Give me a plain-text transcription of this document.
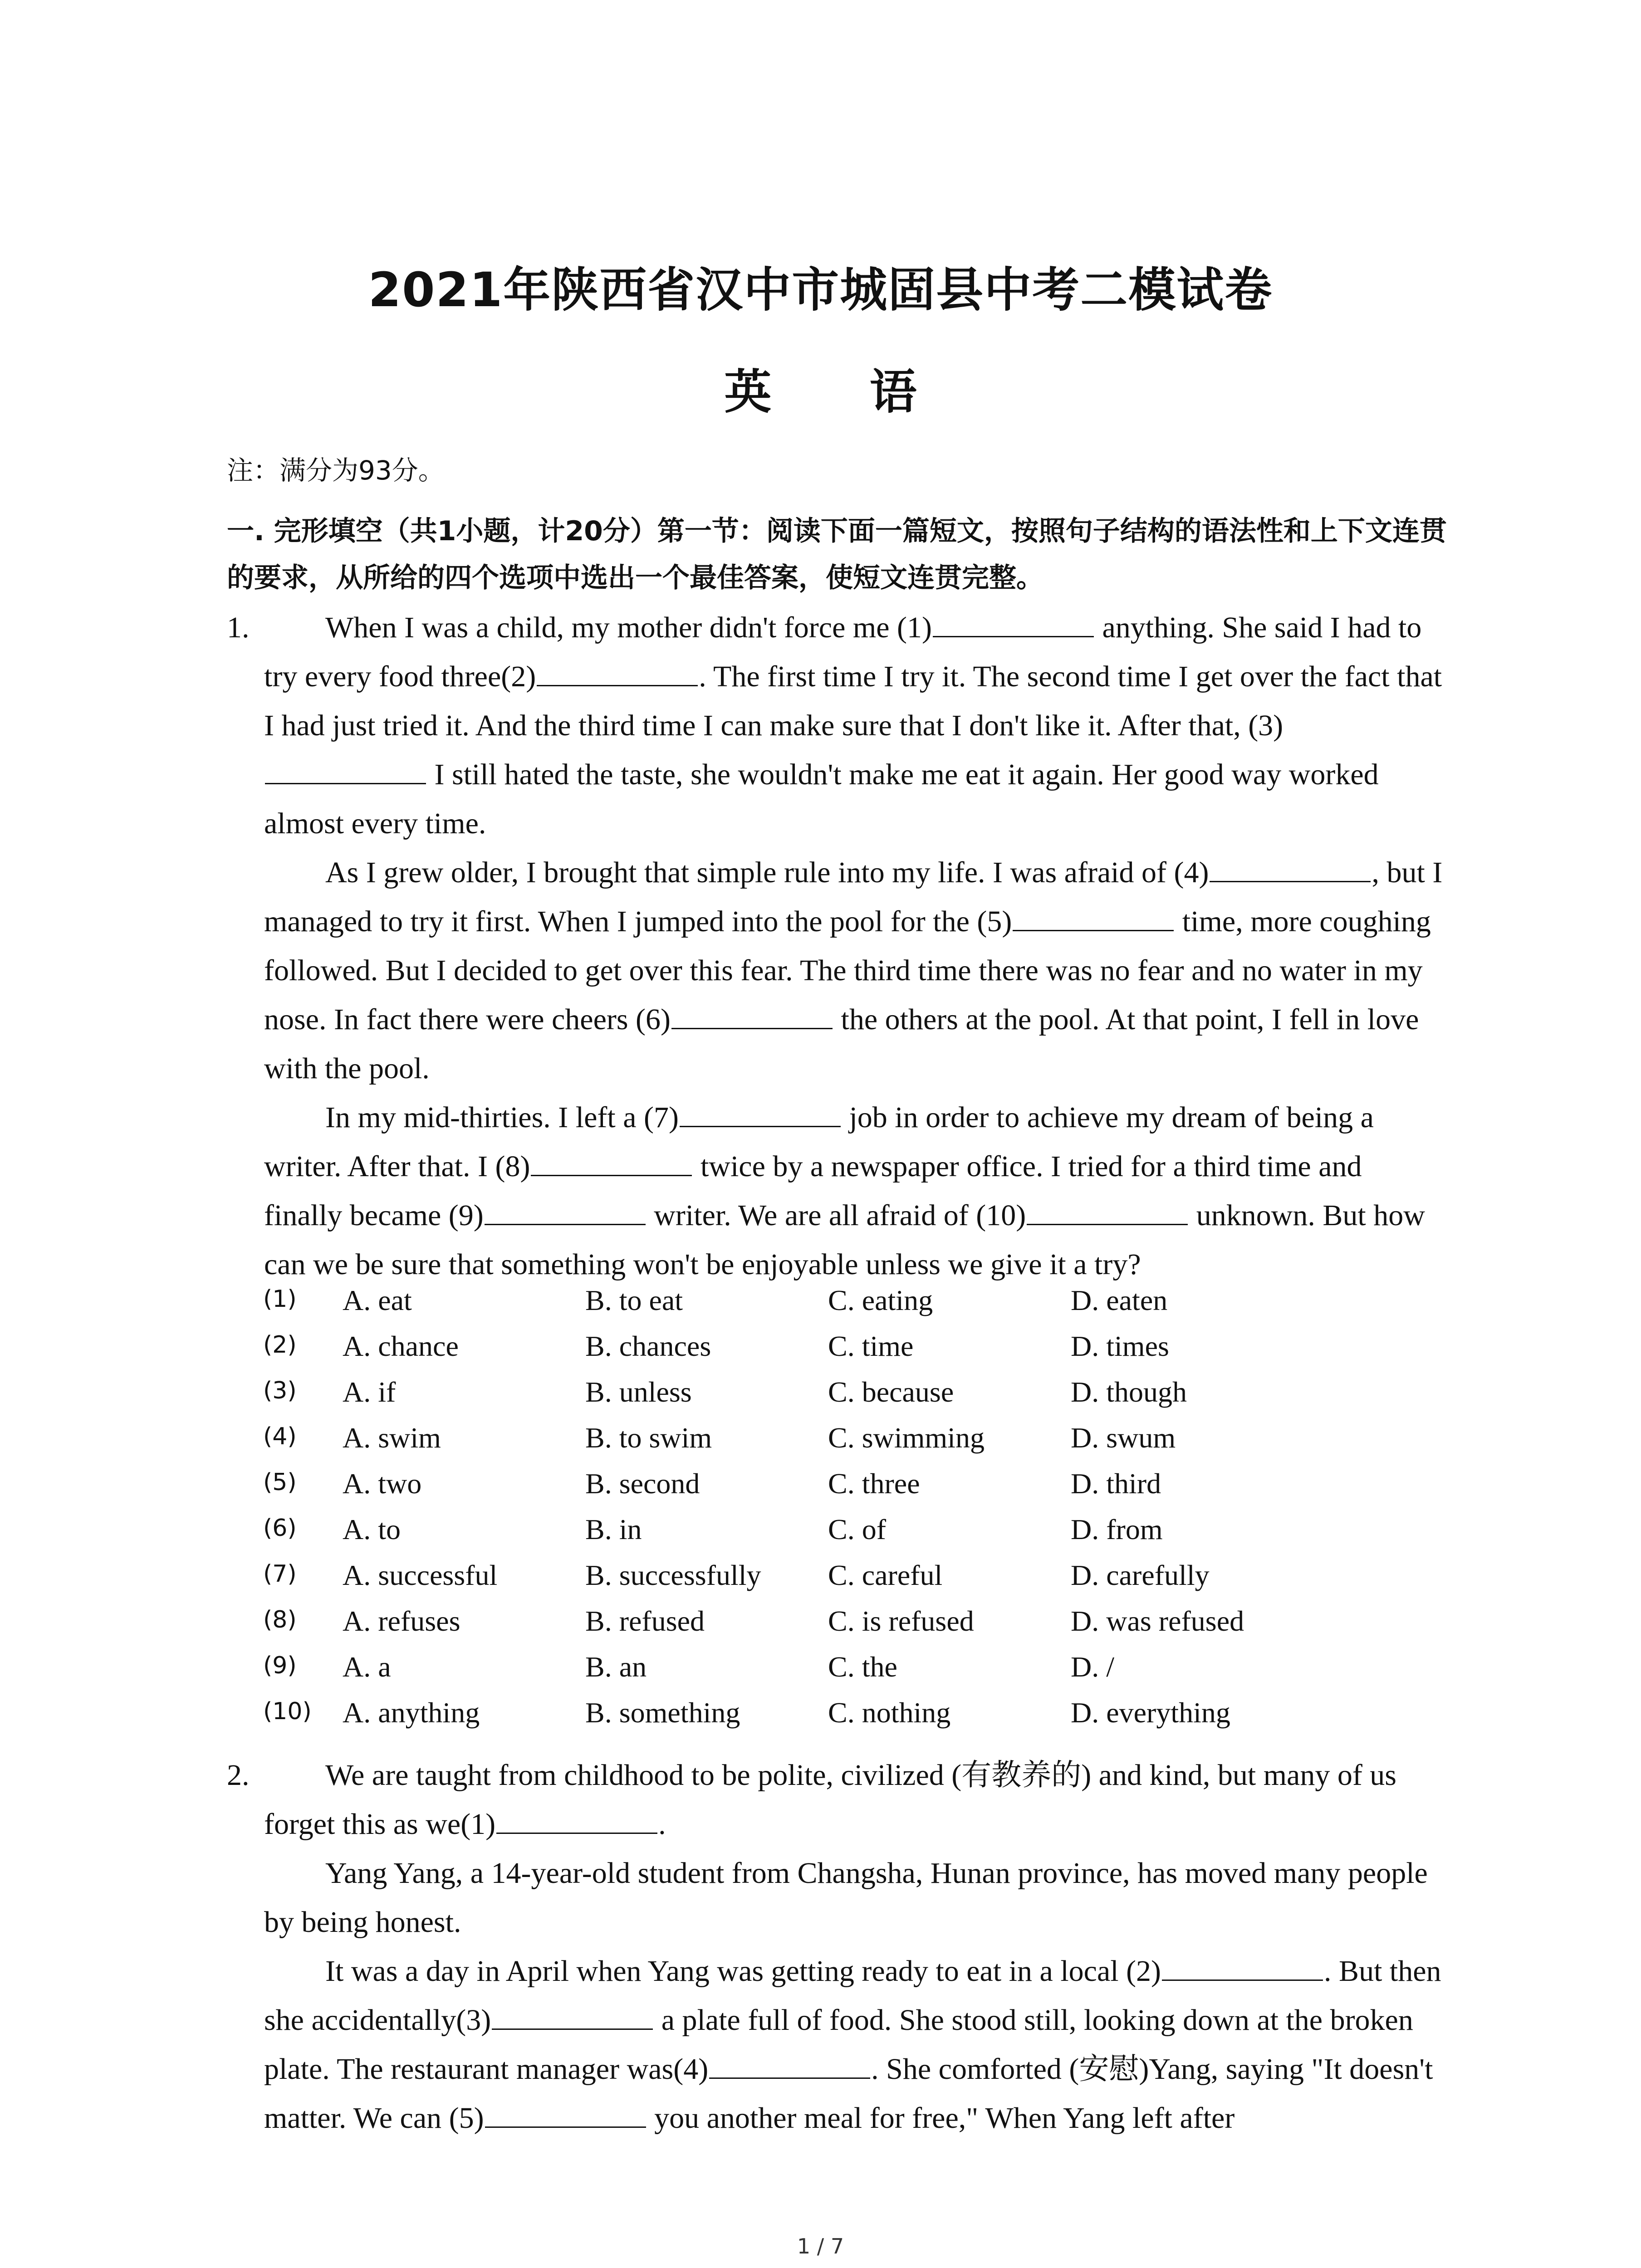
2021年陕西省汉中市城固县中考二模试卷
英 语
注：满分为93分。
一. 完形填空（共1小题，计20分）第一节：阅读下面一篇短文，按照句子结构的语法性和上下文连贯的要求，从所给的四个选项中选出一个最佳答案，使短文连贯完整。
1.	When I was a child, my mother didn't force me (1)	anything. She said I had to try every food three(2)	. The first time I try it. The second time I get over the fact that I had just tried it. And the third time I can make sure that I don't like it. After that, (3) I still hated the taste, she wouldn't make me eat it again. Her good way worked almost every time.
As I grew older, I brought that simple rule into my life. I was afraid of (4)	, but I managed to try it first. When I jumped into the pool for the (5)	time, more coughing followed. But I decided to get over this fear. The third time there was no fear and no water in my nose. In fact there were cheers (6)	the others at the pool. At that point, I fell in love with the pool.
In my mid-thirties. I left a (7)	job in order to achieve my dream of being a writer. After that. I (8)	twice by a newspaper office. I tried for a third time and finally became (9)	writer. We are all afraid of (10)	unknown. But how can we be sure that something won't be enjoyable unless we give it a try?
(1) A. eat	B. to eat	C. eating	D. eaten
(2) A. chance	B. chances	C. time	D. times
(3) A. if	B. unless	C. because	D. though
(4) A. swim	B. to swim	C. swimming	D. swum
(5) A. two	B. second	C. three	D. third
(6) A. to	B. in	C. of	D. from
(7) A. successful	B. successfully C. careful	D. carefully
(8) A. refuses	B. refused	C. is refused	D. was refused
(9) A. a	B. an	C. the	D. /
(10) A. anything	B. something	C. nothing	D. everything
2.	We are taught from childhood to be polite, civilized (有教养的) and kind, but many of us forget this as we(1)	.
Yang Yang, a 14-year-old student from Changsha, Hunan province, has moved many people by being honest.
It was a day in April when Yang was getting ready to eat in a local (2)	. But then she accidentally(3)	a plate full of food. She stood still, looking down at the broken plate. The restaurant manager was(4)	. She comforted (安慰)Yang, saying "It doesn't matter. We can (5)	you another meal for free," When Yang left after
1 / 7
